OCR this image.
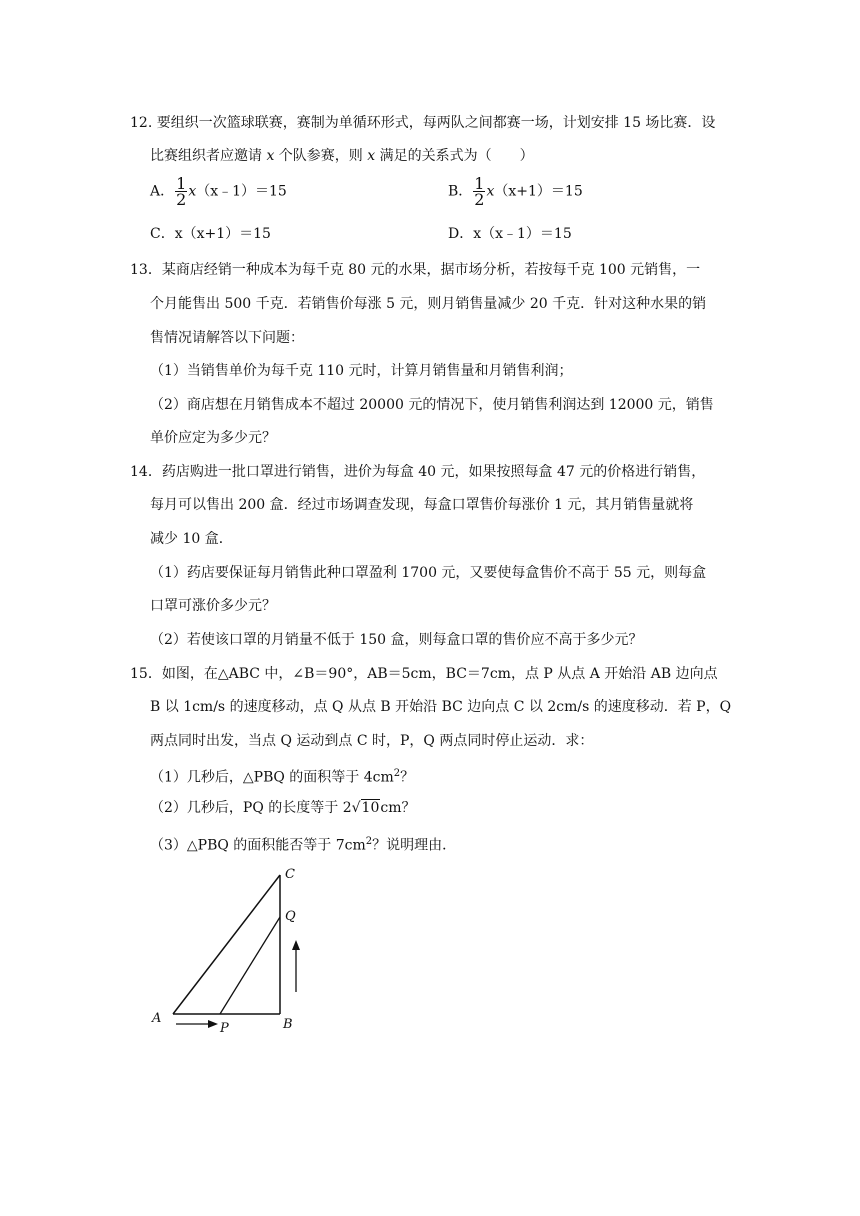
12. 要组织一次篮球联赛，赛制为单循环形式，每两队之间都赛一场，计划安排 15 场比赛．设
比赛组织者应邀请 x 个队参赛，则 x 满足的关系式为（　　）
A． $\frac{1}{2}$ x（x﹣1）＝15	B． $\frac{1}{2} x(x+1)=15$
C．x（x+1）＝15	D．x（x﹣1）＝15
13．某商店经销一种成本为每千克 80 元的水果，据市场分析，若按每千克 100 元销售，一
个月能售出 500 千克．若销售价每涨 5 元，则月销售量减少 20 千克．针对这种水果的销
售情况请解答以下问题：
（1）当销售单价为每千克 110 元时，计算月销售量和月销售利润；
（2）商店想在月销售成本不超过 20000 元的情况下，使月销售利润达到 12000 元，销售
单价应定为多少元？
14．药店购进一批口罩进行销售，进价为每盒 40 元，如果按照每盒 47 元的价格进行销售，
每月可以售出 200 盒．经过市场调查发现，每盒口罩售价每涨价 1 元，其月销售量就将
减少 10 盒．
（1）药店要保证每月销售此种口罩盈利 1700 元，又要使每盒售价不高于 55 元，则每盒
口罩可涨价多少元？
（2）若使该口罩的月销量不低于 150 盒，则每盒口罩的售价应不高于多少元？
15．如图，在△ABC 中，∠B＝90°，AB＝5cm，BC＝7cm，点 P 从点 A 开始沿 AB 边向点
B 以 1cm/s 的速度移动，点 Q 从点 B 开始沿 BC 边向点 C 以 2cm/s 的速度移动．若 P，Q
两点同时出发，当点 Q 运动到点 C 时，P，Q 两点同时停止运动．求：
（1）几秒后，△PBQ 的面积等于 $4cm^2$？
（2）几秒后，PQ 的长度等于 2√10cm？
（3）△PBQ 的面积能否等于 $7cm^2$？说明理由．
C
Q
A
P	B
